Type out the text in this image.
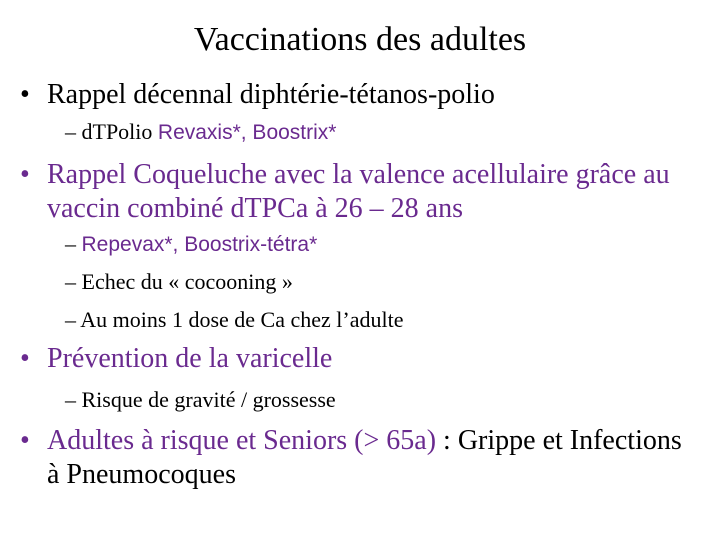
Vaccinations des adultes
• Rappel décennal diphtérie-tétanos-polio
– dTPolio Revaxis*, Boostrix*
• Rappel Coqueluche avec la valence acellulaire grâce au vaccin combiné dTPCa à 26 – 28 ans
– Repevax*, Boostrix-tétra*
– Echec du « cocooning »
– Au moins 1 dose de Ca chez l’adulte
• Prévention de la varicelle
– Risque de gravité / grossesse
• Adultes à risque et Seniors (> 65a) : Grippe et Infections à Pneumocoques
